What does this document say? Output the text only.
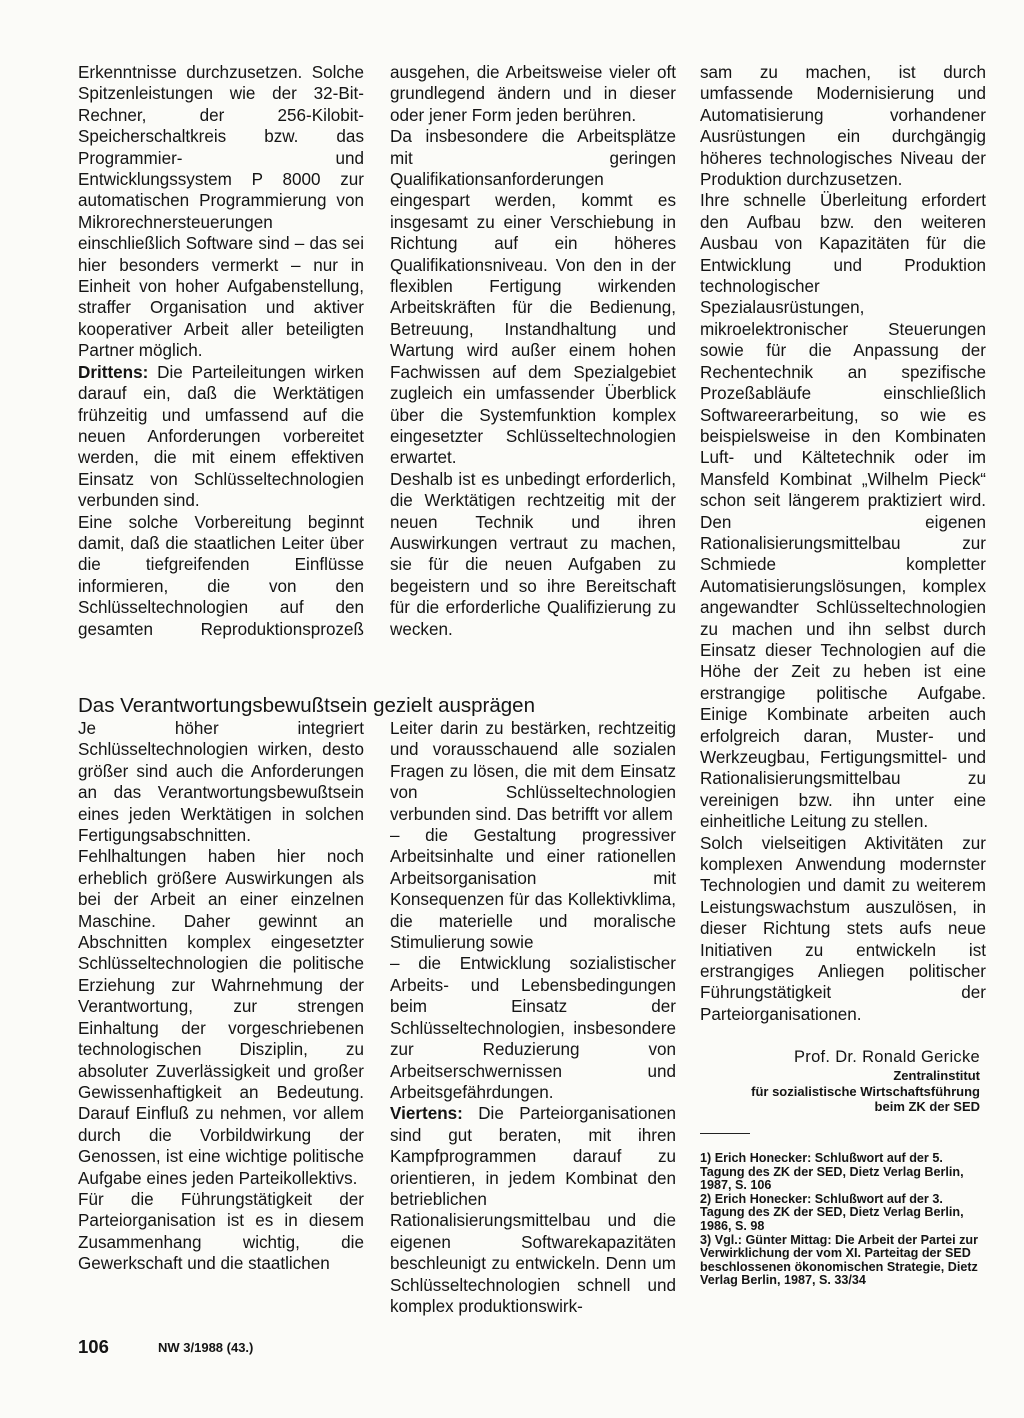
Erkenntnisse durchzusetzen. Solche Spitzenleistungen wie der 32-Bit-Rechner, der 256-Kilobit-Speicherschaltkreis bzw. das Programmier- und Entwicklungssystem P 8000 zur automatischen Programmierung von Mikrorechnersteuerungen einschließlich Software sind – das sei hier besonders vermerkt – nur in Einheit von hoher Aufgabenstellung, straffer Organisation und aktiver kooperativer Arbeit aller beteiligten Partner möglich.

Drittens: Die Parteileitungen wirken darauf ein, daß die Werktätigen frühzeitig und umfassend auf die neuen Anforderungen vorbereitet werden, die mit einem effektiven Einsatz von Schlüsseltechnologien verbunden sind.

Eine solche Vorbereitung beginnt damit, daß die staatlichen Leiter über die tiefgreifenden Einflüsse informieren, die von den Schlüsseltechnologien auf den gesamten Reproduktionsprozeß

ausgehen, die Arbeitsweise vieler oft grundlegend ändern und in dieser oder jener Form jeden berühren.

Da insbesondere die Arbeitsplätze mit geringen Qualifikationsanforderungen eingespart werden, kommt es insgesamt zu einer Verschiebung in Richtung auf ein höheres Qualifikationsniveau. Von den in der flexiblen Fertigung wirkenden Arbeitskräften für die Bedienung, Betreuung, Instandhaltung und Wartung wird außer einem hohen Fachwissen auf dem Spezialgebiet zugleich ein umfassender Überblick über die Systemfunktion komplex eingesetzter Schlüsseltechnologien erwartet.

Deshalb ist es unbedingt erforderlich, die Werktätigen rechtzeitig mit der neuen Technik und ihren Auswirkungen vertraut zu machen, sie für die neuen Aufgaben zu begeistern und so ihre Bereitschaft für die erforderliche Qualifizierung zu wecken.

Das Verantwortungsbewußtsein gezielt ausprägen

Je höher integriert Schlüsseltechnologien wirken, desto größer sind auch die Anforderungen an das Verantwortungsbewußtsein eines jeden Werktätigen in solchen Fertigungsabschnitten. Fehlhaltungen haben hier noch erheblich größere Auswirkungen als bei der Arbeit an einer einzelnen Maschine. Daher gewinnt an Abschnitten komplex eingesetzter Schlüsseltechnologien die politische Erziehung zur Wahrnehmung der Verantwortung, zur strengen Einhaltung der vorgeschriebenen technologischen Disziplin, zu absoluter Zuverlässigkeit und großer Gewissenhaftigkeit an Bedeutung. Darauf Einfluß zu nehmen, vor allem durch die Vorbildwirkung der Genossen, ist eine wichtige politische Aufgabe eines jeden Parteikollektivs.

Für die Führungstätigkeit der Parteiorganisation ist es in diesem Zusammenhang wichtig, die Gewerkschaft und die staatlichen

Leiter darin zu bestärken, rechtzeitig und vorausschauend alle sozialen Fragen zu lösen, die mit dem Einsatz von Schlüsseltechnologien verbunden sind. Das betrifft vor allem

– die Gestaltung progressiver Arbeitsinhalte und einer rationellen Arbeitsorganisation mit Konsequenzen für das Kollektivklima, die materielle und moralische Stimulierung sowie

– die Entwicklung sozialistischer Arbeits- und Lebensbedingungen beim Einsatz der Schlüsseltechnologien, insbesondere zur Reduzierung von Arbeitserschwernissen und Arbeitsgefährdungen.

Viertens: Die Parteiorganisationen sind gut beraten, mit ihren Kampfprogrammen darauf zu orientieren, in jedem Kombinat den betrieblichen Rationalisierungsmittelbau und die eigenen Softwarekapazitäten beschleunigt zu entwickeln. Denn um Schlüsseltechnologien schnell und komplex produktionswirk-

sam zu machen, ist durch umfassende Modernisierung und Automatisierung vorhandener Ausrüstungen ein durchgängig höheres technologisches Niveau der Produktion durchzusetzen.

Ihre schnelle Überleitung erfordert den Aufbau bzw. den weiteren Ausbau von Kapazitäten für die Entwicklung und Produktion technologischer Spezialausrüstungen, mikroelektronischer Steuerungen sowie für die Anpassung der Rechentechnik an spezifische Prozeßabläufe einschließlich Softwareerarbeitung, so wie es beispielsweise in den Kombinaten Luft- und Kältetechnik oder im Mansfeld Kombinat „Wilhelm Pieck“ schon seit längerem praktiziert wird. Den eigenen Rationalisierungsmittelbau zur Schmiede kompletter Automatisierungslösungen, komplex angewandter Schlüsseltechnologien zu machen und ihn selbst durch Einsatz dieser Technologien auf die Höhe der Zeit zu heben ist eine erstrangige politische Aufgabe. Einige Kombinate arbeiten auch erfolgreich daran, Muster- und Werkzeugbau, Fertigungsmittel- und Rationalisierungsmittelbau zu vereinigen bzw. ihn unter eine einheitliche Leitung zu stellen.

Solch vielseitigen Aktivitäten zur komplexen Anwendung modernster Technologien und damit zu weiterem Leistungswachstum auszulösen, in dieser Richtung stets aufs neue Initiativen zu entwickeln ist erstrangiges Anliegen politischer Führungstätigkeit der Parteiorganisationen.

Prof. Dr. Ronald Gericke
Zentralinstitut
für sozialistische Wirtschaftsführung
beim ZK der SED

1) Erich Honecker: Schlußwort auf der 5. Tagung des ZK der SED, Dietz Verlag Berlin, 1987, S. 106

2) Erich Honecker: Schlußwort auf der 3. Tagung des ZK der SED, Dietz Verlag Berlin, 1986, S. 98

3) Vgl.: Günter Mittag: Die Arbeit der Partei zur Verwirklichung der vom XI. Parteitag der SED beschlossenen ökonomischen Strategie, Dietz Verlag Berlin, 1987, S. 33/34

106	NW 3/1988 (43.)
